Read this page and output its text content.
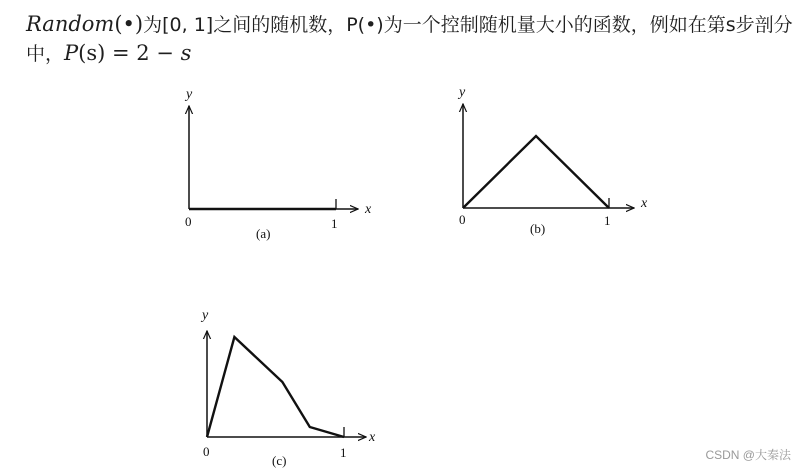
Random(•)为[0, 1]之间的随机数，P(•)为一个控制随机量大小的函数，例如在第s步剖分中，P(s) = 2 − s
y
x
0	1
(a)
y
x
0	1
(b)
y
x
0	1
(c)	CSDN @大秦法
